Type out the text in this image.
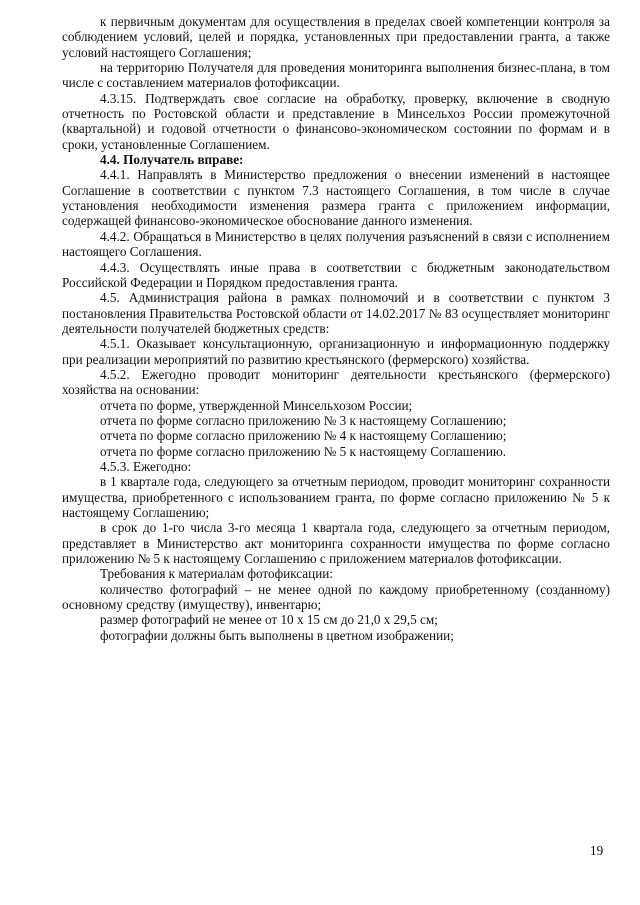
к первичным документам для осуществления в пределах своей компетенции контроля за соблюдением условий, целей и порядка, установленных при предоставлении гранта, а также условий настоящего Соглашения;

на территорию Получателя для проведения мониторинга выполнения бизнес-плана, в том числе с составлением материалов фотофиксации.

4.3.15. Подтверждать свое согласие на обработку, проверку, включение в сводную отчетность по Ростовской области и представление в Минсельхоз России промежуточной (квартальной) и годовой отчетности о финансово-экономическом состоянии по формам и в сроки, установленные Соглашением.

4.4. Получатель вправе:

4.4.1. Направлять в Министерство предложения о внесении изменений в настоящее Соглашение в соответствии с пунктом 7.3 настоящего Соглашения, в том числе в случае установления необходимости изменения размера гранта с приложением информации, содержащей финансово-экономическое обоснование данного изменения.

4.4.2. Обращаться в Министерство в целях получения разъяснений в связи с исполнением настоящего Соглашения.

4.4.3. Осуществлять иные права в соответствии с бюджетным законодательством Российской Федерации и Порядком предоставления гранта.

4.5. Администрация района в рамках полномочий и в соответствии с пунктом 3 постановления Правительства Ростовской области от 14.02.2017 № 83 осуществляет мониторинг деятельности получателей бюджетных средств:

4.5.1. Оказывает консультационную, организационную и информационную поддержку при реализации мероприятий по развитию крестьянского (фермерского) хозяйства.

4.5.2. Ежегодно проводит мониторинг деятельности крестьянского (фермерского) хозяйства на основании:

отчета по форме, утвержденной Минсельхозом России;

отчета по форме согласно приложению № 3 к настоящему Соглашению;

отчета по форме согласно приложению № 4 к настоящему Соглашению;

отчета по форме согласно приложению № 5 к настоящему Соглашению.

4.5.3. Ежегодно:

в 1 квартале года, следующего за отчетным периодом, проводит мониторинг сохранности имущества, приобретенного с использованием гранта, по форме согласно приложению № 5 к настоящему Соглашению;

в срок до 1-го числа 3-го месяца 1 квартала года, следующего за отчетным периодом, представляет в Министерство акт мониторинга сохранности имущества по форме согласно приложению № 5 к настоящему Соглашению с приложением материалов фотофиксации.

Требования к материалам фотофиксации:

количество фотографий – не менее одной по каждому приобретенному (созданному) основному средству (имуществу), инвентарю;

размер фотографий не менее от 10 х 15 см до 21,0 х 29,5 см;

фотографии должны быть выполнены в цветном изображении;

19
